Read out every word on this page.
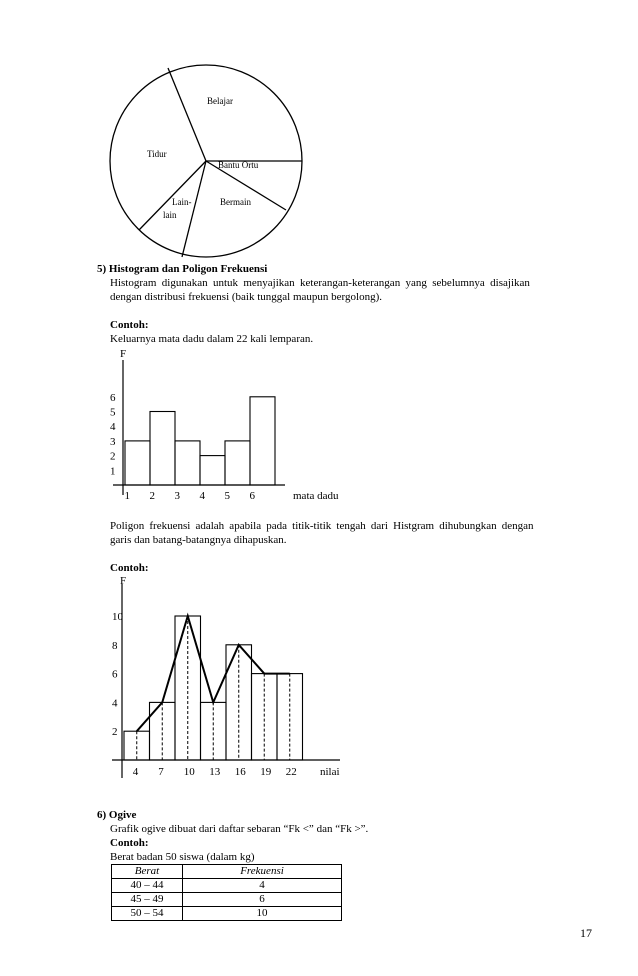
Belajar
Tidur
Bantu Ortu
Bermain
Lain-
lain
5) Histogram dan Poligon Frekuensi
Histogram digunakan untuk menyajikan keterangan-keterangan yang sebelumnya disajikan
dengan distribusi frekuensi (baik tunggal maupun bergolong).
Contoh:
Keluarnya mata dadu dalam 22 kali lemparan.
F
1
2
3
4
5
6
1 2 3 4 5 6	mata dadu
Poligon frekuensi adalah apabila pada titik-titik tengah dari Histgram dihubungkan dengan
garis dan batang-batangnya dihapuskan.
Contoh:
F
2
4
6
8
10
4 7 10 13 16 19 22 nilai
6) Ogive
Grafik ogive dibuat dari daftar sebaran “Fk <” dan “Fk >”.
Contoh:
Berat badan 50 siswa (dalam kg)
Berat	Frekuensi
40 – 44	4
45 – 49	6
50 – 54	10
17
